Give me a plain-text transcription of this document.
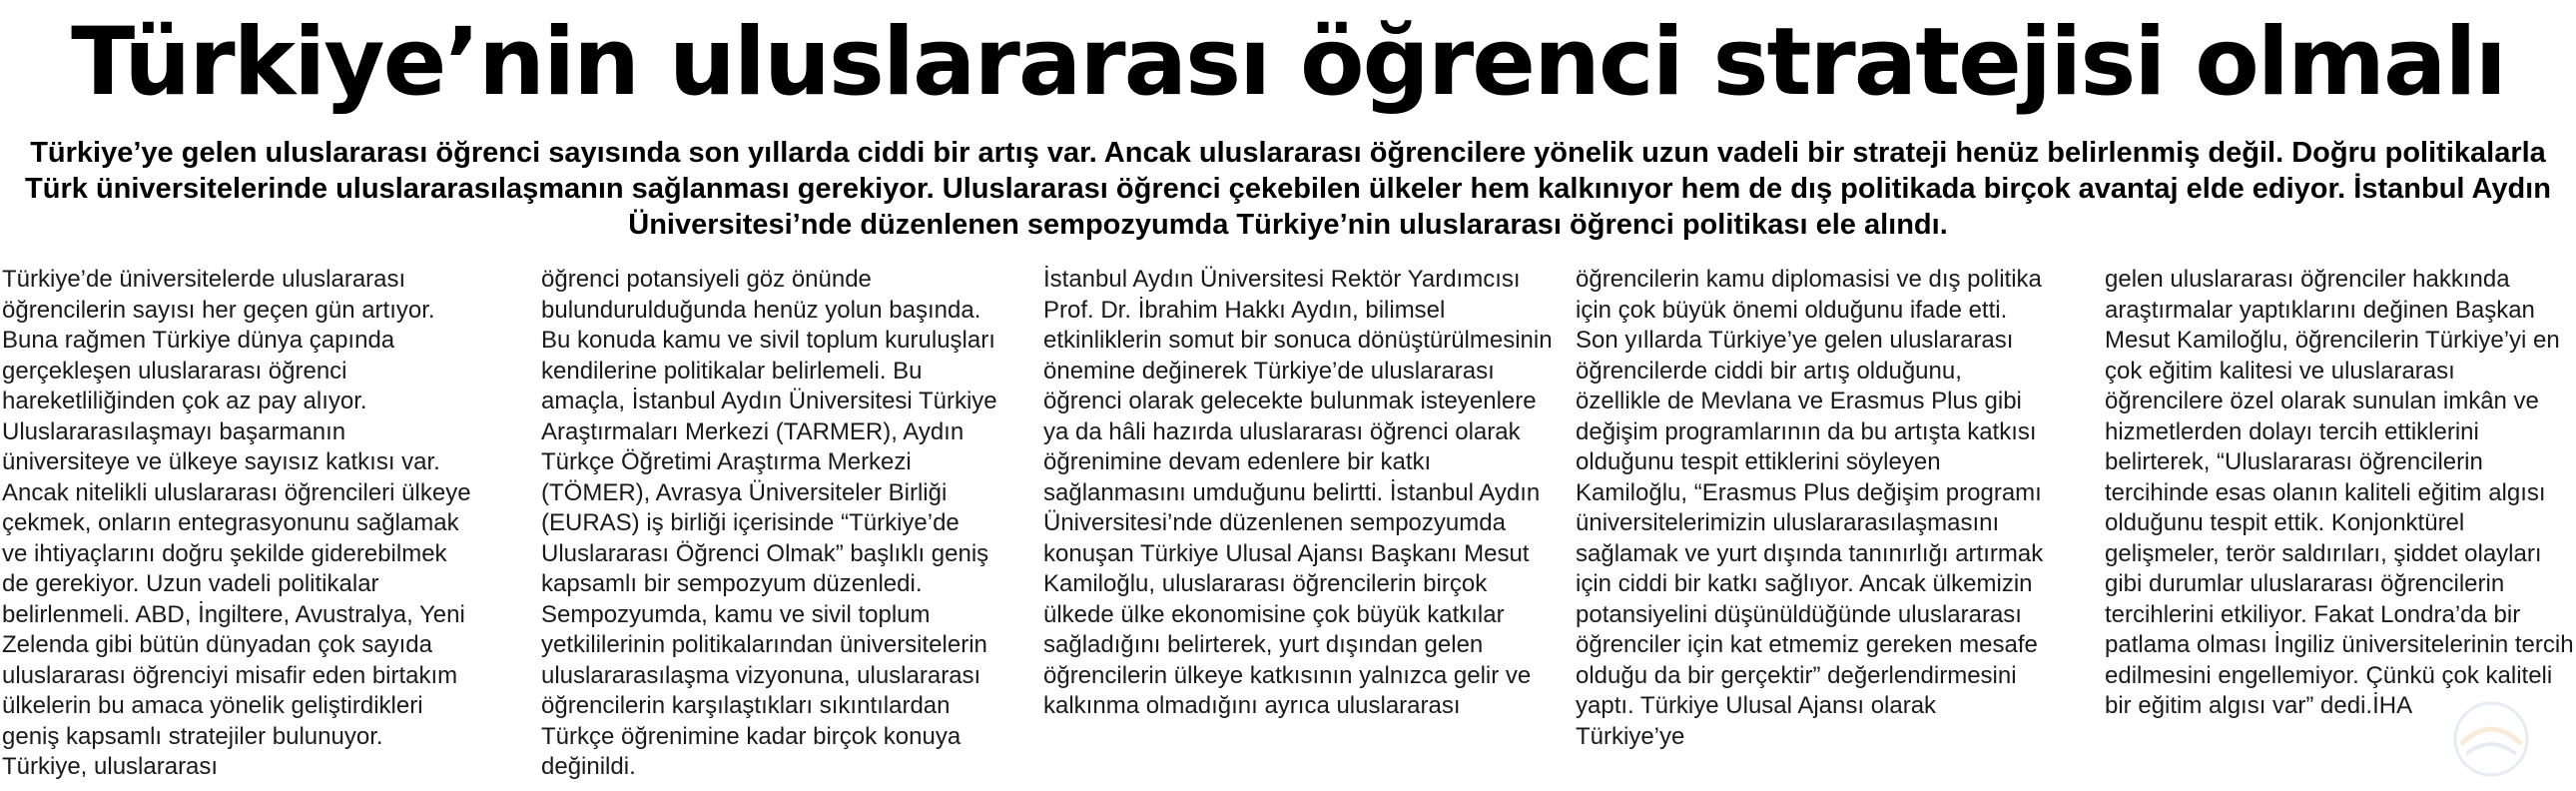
Türkiye’nin uluslararası öğrenci stratejisi olmalı
Türkiye’ye gelen uluslararası öğrenci sayısında son yıllarda ciddi bir artış var. Ancak uluslararası öğrencilere yönelik uzun vadeli bir strateji henüz belirlenmiş değil. Doğru politikalarla Türk üniversitelerinde uluslararasılaşmanın sağlanması gerekiyor. Uluslararası öğrenci çekebilen ülkeler hem kalkınıyor hem de dış politikada birçok avantaj elde ediyor. İstanbul Aydın Üniversitesi’nde düzenlenen sempozyumda Türkiye’nin uluslararası öğrenci politikası ele alındı.
Türkiye’de üniversitelerde uluslararası öğrencilerin sayısı her geçen gün artıyor. Buna rağmen Türkiye dünya çapında gerçekleşen uluslararası öğrenci hareketliliğinden çok az pay alıyor. Uluslararasılaşmayı başarmanın üniversiteye ve ülkeye sayısız katkısı var. Ancak nitelikli uluslararası öğrencileri ülkeye çekmek, onların entegrasyonunu sağlamak ve ihtiyaçlarını doğru şekilde giderebilmek de gerekiyor. Uzun vadeli politikalar belirlenmeli. ABD, İngiltere, Avustralya, Yeni Zelenda gibi bütün dünyadan çok sayıda uluslararası öğrenciyi misafir eden birtakım ülkelerin bu amaca yönelik geliştirdikleri geniş kapsamlı stratejiler bulunuyor. Türkiye, uluslararası
öğrenci potansiyeli göz önünde bulundurulduğunda henüz yolun başında. Bu konuda kamu ve sivil toplum kuruluşları kendilerine politikalar belirlemeli. Bu amaçla, İstanbul Aydın Üniversitesi Türkiye Araştırmaları Merkezi (TARMER), Aydın Türkçe Öğretimi Araştırma Merkezi (TÖMER), Avrasya Üniversiteler Birliği (EURAS) iş birliği içerisinde “Türkiye’de Uluslararası Öğrenci Olmak” başlıklı geniş kapsamlı bir sempozyum düzenledi. Sempozyumda, kamu ve sivil toplum yetkililerinin politikalarından üniversitelerin uluslararasılaşma vizyonuna, uluslararası öğrencilerin karşılaştıkları sıkıntılardan Türkçe öğrenimine kadar birçok konuya değinildi.
İstanbul Aydın Üniversitesi Rektör Yardımcısı Prof. Dr. İbrahim Hakkı Aydın, bilimsel etkinliklerin somut bir sonuca dönüştürülmesinin önemine değinerek Türkiye’de uluslararası öğrenci olarak gelecekte bulunmak isteyenlere ya da hâli hazırda uluslararası öğrenci olarak öğrenimine devam edenlere bir katkı sağlanmasını umduğunu belirtti. İstanbul Aydın Üniversitesi’nde düzenlenen sempozyumda konuşan Türkiye Ulusal Ajansı Başkanı Mesut Kamiloğlu, uluslararası öğrencilerin birçok ülkede ülke ekonomisine çok büyük katkılar sağladığını belirterek, yurt dışından gelen öğrencilerin ülkeye katkısının yalnızca gelir ve kalkınma olmadığını ayrıca uluslararası
öğrencilerin kamu diplomasisi ve dış politika için çok büyük önemi olduğunu ifade etti. Son yıllarda Türkiye’ye gelen uluslararası öğrencilerde ciddi bir artış olduğunu, özellikle de Mevlana ve Erasmus Plus gibi değişim programlarının da bu artışta katkısı olduğunu tespit ettiklerini söyleyen Kamiloğlu, “Erasmus Plus değişim programı üniversitelerimizin uluslararasılaşmasını sağlamak ve yurt dışında tanınırlığı artırmak için ciddi bir katkı sağlıyor. Ancak ülkemizin potansiyelini düşünüldüğünde uluslararası öğrenciler için kat etmemiz gereken mesafe olduğu da bir gerçektir” değerlendirmesini yaptı. Türkiye Ulusal Ajansı olarak Türkiye’ye
gelen uluslararası öğrenciler hakkında araştırmalar yaptıklarını değinen Başkan Mesut Kamiloğlu, öğrencilerin Türkiye’yi en çok eğitim kalitesi ve uluslararası öğrencilere özel olarak sunulan imkân ve hizmetlerden dolayı tercih ettiklerini belirterek, “Uluslararası öğrencilerin tercihinde esas olanın kaliteli eğitim algısı olduğunu tespit ettik. Konjonktürel gelişmeler, terör saldırıları, şiddet olayları gibi durumlar uluslararası öğrencilerin tercihlerini etkiliyor. Fakat Londra’da bir patlama olması İngiliz üniversitelerinin tercih edilmesini engellemiyor. Çünkü çok kaliteli bir eğitim algısı var” dedi.İHA
